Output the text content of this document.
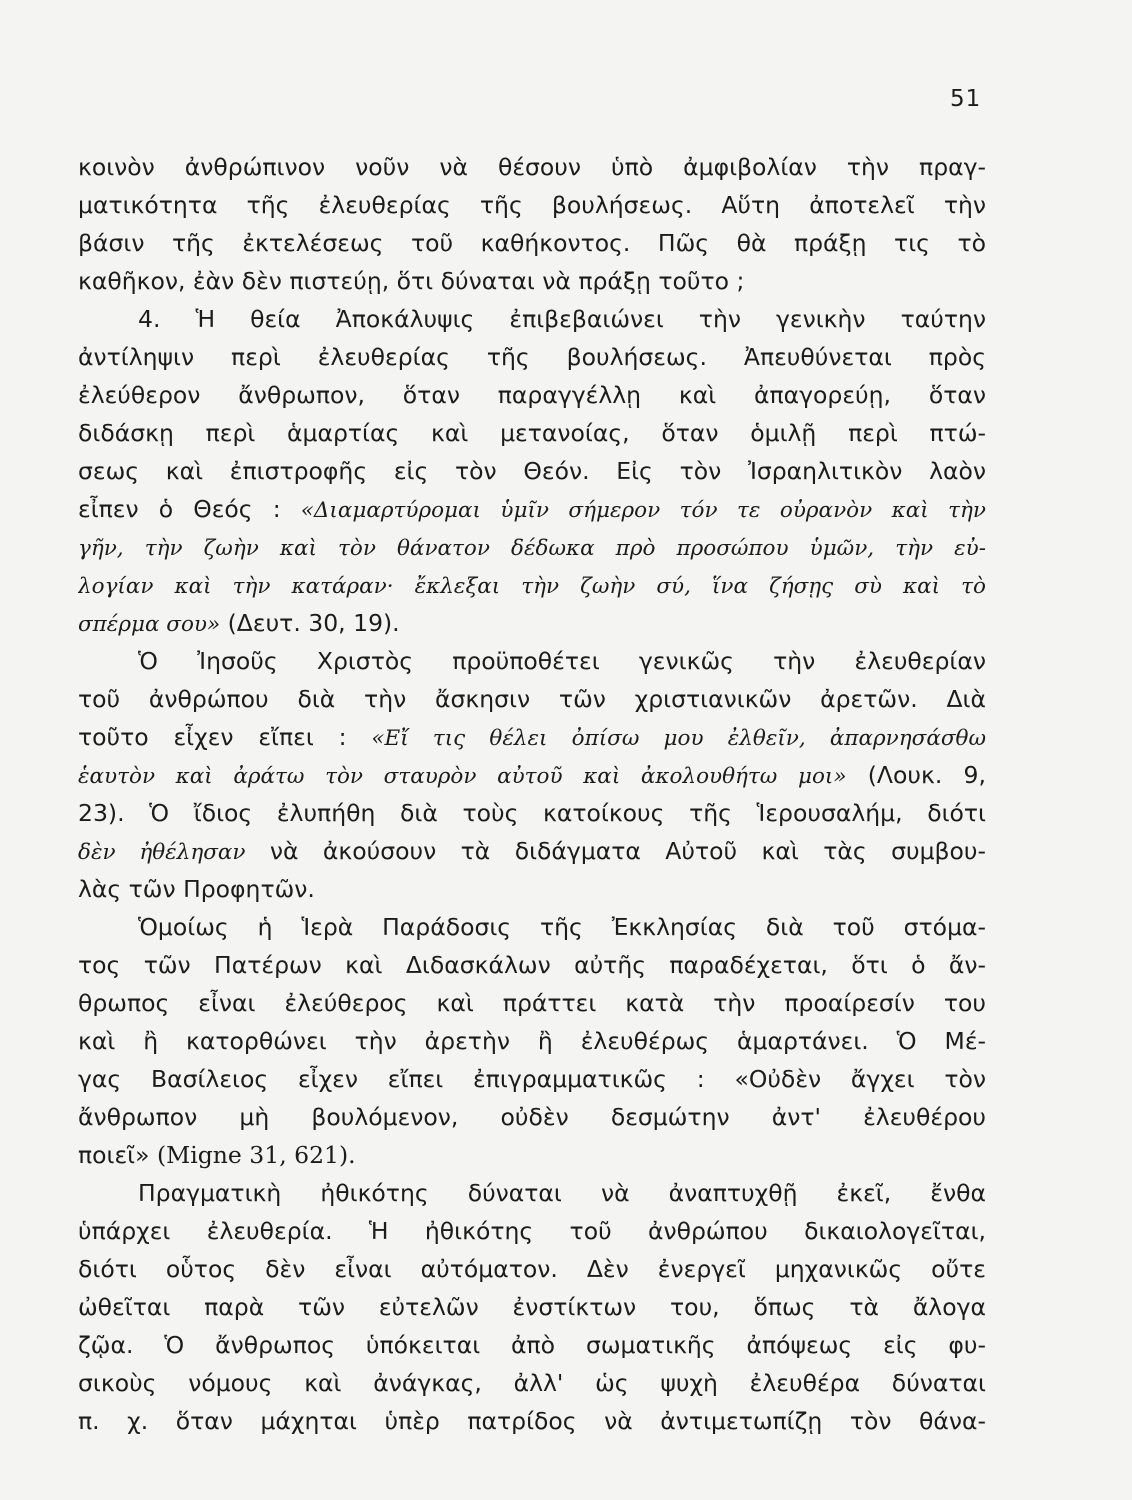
51
κοινὸν ἀνθρώπινον νοῦν νὰ θέσουν ὑπὸ ἀμφιβολίαν τὴν πραγ-
ματικότητα τῆς ἐλευθερίας τῆς βουλήσεως. Αὕτη ἀποτελεῖ τὴν
βάσιν τῆς ἐκτελέσεως τοῦ καθήκοντος. Πῶς θὰ πράξῃ τις τὸ
καθῆκον, ἐὰν δὲν πιστεύῃ, ὅτι δύναται νὰ πράξῃ τοῦτο ;
4. Ἡ θεία Ἀποκάλυψις ἐπιβεβαιώνει τὴν γενικὴν ταύτην
ἀντίληψιν περὶ ἐλευθερίας τῆς βουλήσεως. Ἀπευθύνεται πρὸς
ἐλεύθερον ἄνθρωπον, ὅταν παραγγέλλῃ καὶ ἀπαγορεύῃ, ὅταν
διδάσκῃ περὶ ἁμαρτίας καὶ μετανοίας, ὅταν ὁμιλῇ περὶ πτώ-
σεως καὶ ἐπιστροφῆς εἰς τὸν Θεόν. Εἰς τὸν Ἰσραηλιτικὸν λαὸν
εἶπεν ὁ Θεός : «Διαμαρτύρομαι ὑμῖν σήμερον τόν τε οὐρανὸν καὶ τὴν
γῆν, τὴν ζωὴν καὶ τὸν θάνατον δέδωκα πρὸ προσώπου ὑμῶν, τὴν εὐ-
λογίαν καὶ τὴν κατάραν· ἔκλεξαι τὴν ζωὴν σύ, ἵνα ζήσῃς σὺ καὶ τὸ
σπέρμα σου» (Δευτ. 30, 19).
Ὁ Ἰησοῦς Χριστὸς προϋποθέτει γενικῶς τὴν ἐλευθερίαν
τοῦ ἀνθρώπου διὰ τὴν ἄσκησιν τῶν χριστιανικῶν ἀρετῶν. Διὰ
τοῦτο εἶχεν εἴπει : «Εἴ τις θέλει ὀπίσω μου ἐλθεῖν, ἀπαρνησάσθω
ἑαυτὸν καὶ ἀράτω τὸν σταυρὸν αὐτοῦ καὶ ἀκολουθήτω μοι» (Λουκ. 9,
23). Ὁ ἴδιος ἐλυπήθη διὰ τοὺς κατοίκους τῆς Ἱερουσαλήμ, διότι
δὲν ἠθέλησαν νὰ ἀκούσουν τὰ διδάγματα Αὐτοῦ καὶ τὰς συμβου-
λὰς τῶν Προφητῶν.
Ὁμοίως ἡ Ἱερὰ Παράδοσις τῆς Ἐκκλησίας διὰ τοῦ στόμα-
τος τῶν Πατέρων καὶ Διδασκάλων αὐτῆς παραδέχεται, ὅτι ὁ ἄν-
θρωπος εἶναι ἐλεύθερος καὶ πράττει κατὰ τὴν προαίρεσίν του
καὶ ἢ κατορθώνει τὴν ἀρετὴν ἢ ἐλευθέρως ἁμαρτάνει. Ὁ Μέ-
γας Βασίλειος εἶχεν εἴπει ἐπιγραμματικῶς : «Οὐδὲν ἄγχει τὸν
ἄνθρωπον μὴ βουλόμενον, οὐδὲν δεσμώτην ἀντ' ἐλευθέρου
ποιεῖ» (Migne 31, 621).
Πραγματικὴ ἠθικότης δύναται νὰ ἀναπτυχθῇ ἐκεῖ, ἔνθα
ὑπάρχει ἐλευθερία. Ἡ ἠθικότης τοῦ ἀνθρώπου δικαιολογεῖται,
διότι οὗτος δὲν εἶναι αὐτόματον. Δὲν ἐνεργεῖ μηχανικῶς οὔτε
ὠθεῖται παρὰ τῶν εὐτελῶν ἐνστίκτων του, ὅπως τὰ ἄλογα
ζῷα. Ὁ ἄνθρωπος ὑπόκειται ἀπὸ σωματικῆς ἀπόψεως εἰς φυ-
σικοὺς νόμους καὶ ἀνάγκας, ἀλλ' ὡς ψυχὴ ἐλευθέρα δύναται
π. χ. ὅταν μάχηται ὑπὲρ πατρίδος νὰ ἀντιμετωπίζῃ τὸν θάνα-
